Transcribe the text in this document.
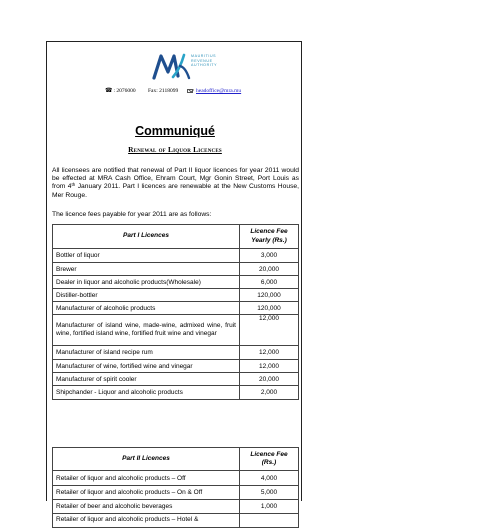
MAURITIUS
REVENUE
AUTHORITY
☎: 2076000 Fax: 2118099	headoffice@mra.mu
Communiqué
Renewal of Liquor Licences

All licensees are notified that renewal of Part II liquor licences for year 2011 would be effected at MRA Cash Office, Ehram Court, Mgr Gonin Street, Port Louis as from 4th January 2011. Part I licences are renewable at the New Customs House, Mer Rouge.

The licence fees payable for year 2011 are as follows:

Part I Licences	Licence Fee Yearly (Rs.)
Bottler of liquor	3,000
Brewer	20,000
Dealer in liquor and alcoholic products(Wholesale)	6,000
Distiller-bottler	120,000
Manufacturer of alcoholic products	120,000
Manufacturer of island wine, made-wine, admixed wine, fruit wine, fortified island wine, fortified fruit wine and vinegar	12,000
Manufacturer of island recipe rum	12,000
Manufacturer of wine, fortified wine and vinegar	12,000
Manufacturer of spirit cooler	20,000
Shipchander - Liquor and alcoholic products	2,000
Part II Licences	Licence Fee (Rs.)
Retailer of liquor and alcoholic products – Off	4,000
Retailer of liquor and alcoholic products – On & Off	5,000
Retailer of beer and alcoholic beverages	1,000
Retailer of liquor and alcoholic products – Hotel &	
